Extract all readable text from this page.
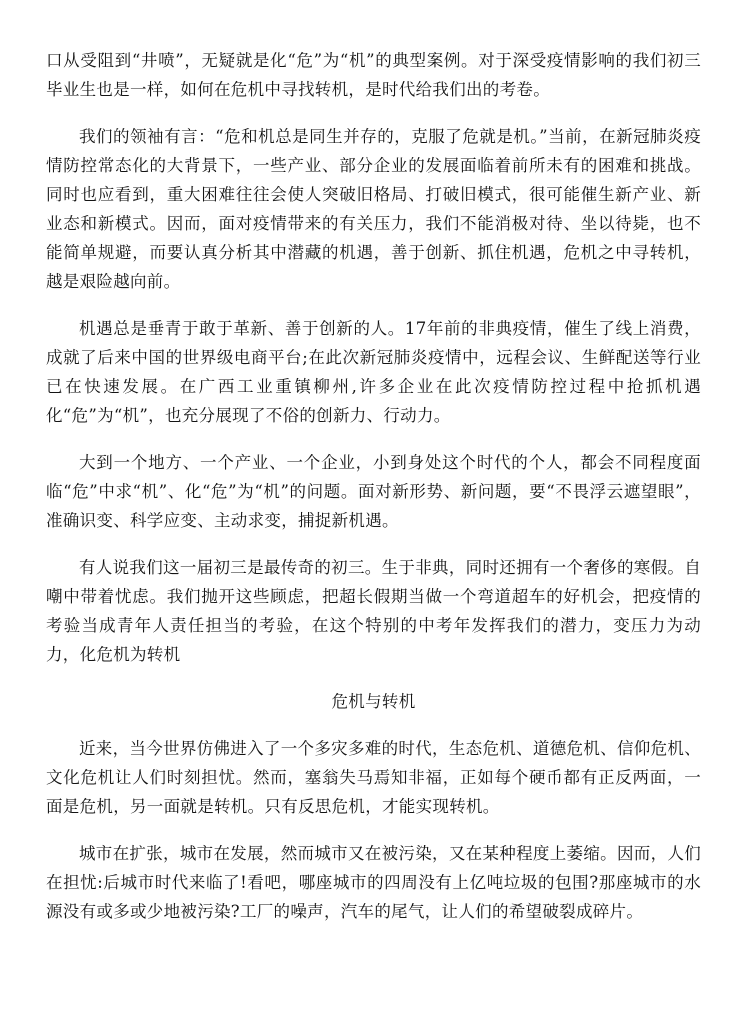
口从受阻到“井喷”，无疑就是化“危”为“机”的典型案例。对于深受疫情影响的我们初三毕业生也是一样，如何在危机中寻找转机，是时代给我们出的考卷。

我们的领袖有言：“危和机总是同生并存的，克服了危就是机。”当前，在新冠肺炎疫情防控常态化的大背景下，一些产业、部分企业的发展面临着前所未有的困难和挑战。同时也应看到，重大困难往往会使人突破旧格局、打破旧模式，很可能催生新产业、新业态和新模式。因而，面对疫情带来的有关压力，我们不能消极对待、坐以待毙，也不能简单规避，而要认真分析其中潜藏的机遇，善于创新、抓住机遇，危机之中寻转机，越是艰险越向前。

机遇总是垂青于敢于革新、善于创新的人。17年前的非典疫情，催生了线上消费，成就了后来中国的世界级电商平台;在此次新冠肺炎疫情中，远程会议、生鲜配送等行业已在快速发展。在广西工业重镇柳州,许多企业在此次疫情防控过程中抢抓机遇化“危”为“机”，也充分展现了不俗的创新力、行动力。

大到一个地方、一个产业、一个企业，小到身处这个时代的个人，都会不同程度面临“危”中求“机”、化“危”为“机”的问题。面对新形势、新问题，要“不畏浮云遮望眼”，准确识变、科学应变、主动求变，捕捉新机遇。

有人说我们这一届初三是最传奇的初三。生于非典，同时还拥有一个奢侈的寒假。自嘲中带着忧虑。我们抛开这些顾虑，把超长假期当做一个弯道超车的好机会，把疫情的考验当成青年人责任担当的考验，在这个特别的中考年发挥我们的潜力，变压力为动力，化危机为转机

危机与转机

近来，当今世界仿佛进入了一个多灾多难的时代，生态危机、道德危机、信仰危机、文化危机让人们时刻担忧。然而，塞翁失马焉知非福，正如每个硬币都有正反两面，一面是危机，另一面就是转机。只有反思危机，才能实现转机。

城市在扩张，城市在发展，然而城市又在被污染，又在某种程度上萎缩。因而，人们在担忧:后城市时代来临了!看吧，哪座城市的四周没有上亿吨垃圾的包围?那座城市的水源没有或多或少地被污染?工厂的噪声，汽车的尾气，让人们的希望破裂成碎片。
